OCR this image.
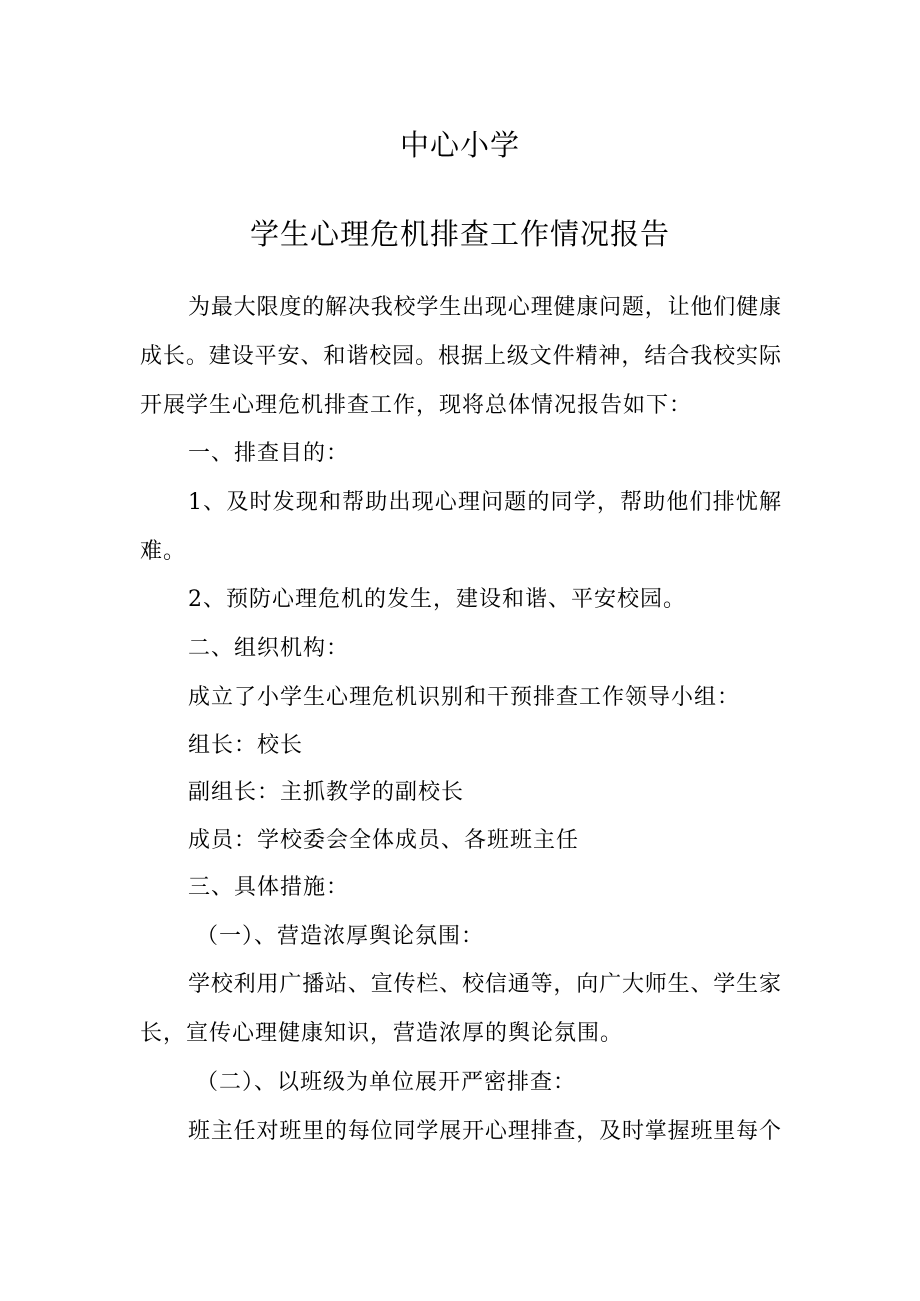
中心小学
学生心理危机排查工作情况报告
为最大限度的解决我校学生出现心理健康问题，让他们健康
成长。建设平安、和谐校园。根据上级文件精神，结合我校实际
开展学生心理危机排查工作，现将总体情况报告如下：
一、排查目的：
1、及时发现和帮助出现心理问题的同学，帮助他们排忧解
难。
2、预防心理危机的发生，建设和谐、平安校园。
二、组织机构：
成立了小学生心理危机识别和干预排查工作领导小组：
组长：校长
副组长：主抓教学的副校长
成员：学校委会全体成员、各班班主任
三、具体措施：
（一）、营造浓厚舆论氛围：
学校利用广播站、宣传栏、校信通等，向广大师生、学生家
长，宣传心理健康知识，营造浓厚的舆论氛围。
（二）、以班级为单位展开严密排查：
班主任对班里的每位同学展开心理排查，及时掌握班里每个
